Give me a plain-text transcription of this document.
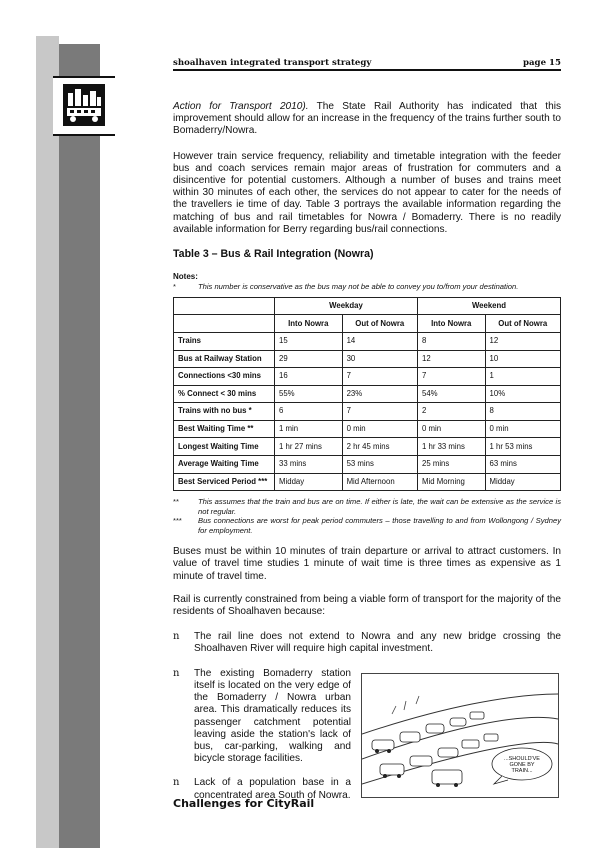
shoalhaven integrated transport strategy	page 15

Action for Transport 2010). The State Rail Authority has indicated that this improvement should allow for an increase in the frequency of the trains further south to Bomaderry/Nowra.

However train service frequency, reliability and timetable integration with the feeder bus and coach services remain major areas of frustration for commuters and a disincentive for potential customers. Although a number of buses and trains meet within 30 minutes of each other, the services do not appear to cater for the needs of the travellers ie time of day. Table 3 portrays the available information regarding the matching of bus and rail timetables for Nowra / Bomaderry. There is no readily available information for Berry regarding bus/rail connections.

Table 3 – Bus & Rail Integration (Nowra)
Notes:
*	This number is conservative as the bus may not be able to convey you to/from your destination.
	Weekday		Weekend	
	Into Nowra	Out of Nowra	Into Nowra	Out of Nowra
Trains	15	14	8	12
Bus at Railway Station	29	30	12	10
Connections <30 mins	16	7	7	1
% Connect < 30 mins	55%	23%	54%	10%
Trains with no bus *	6	7	2	8
Best Waiting Time **	1 min	0 min	0 min	0 min
Longest Waiting Time	1 hr 27 mins	2 hr 45 mins	1 hr 33 mins	1 hr 53 mins
Average Waiting Time	33 mins	53 mins	25 mins	63 mins
Best Serviced Period ***	Midday	Mid Afternoon	Mid Morning	Midday
**	This assumes that the train and bus are on time. If either is late, the wait can be extensive as the service is not regular.
***	Bus connections are worst for peak period commuters – those travelling to and from Wollongong / Sydney for employment.

Buses must be within 10 minutes of train departure or arrival to attract customers. In value of travel time studies 1 minute of wait time is three times as expensive as 1 minute of travel time.

Rail is currently constrained from being a viable form of transport for the majority of the residents of Shoalhaven because:

n	The rail line does not extend to Nowra and any new bridge crossing the Shoalhaven River will require high capital investment.
n	The existing Bomaderry station itself is located on the very edge of the Bomaderry / Nowra urban area. This dramatically reduces its passenger catchment potential leaving aside the station's lack of bus, car-parking, walking and bicycle storage facilities.
n	Lack of a population base in a concentrated area South of Nowra.
...SHOULD'VE GONE BY TRAIN...
Challenges for CityRail
